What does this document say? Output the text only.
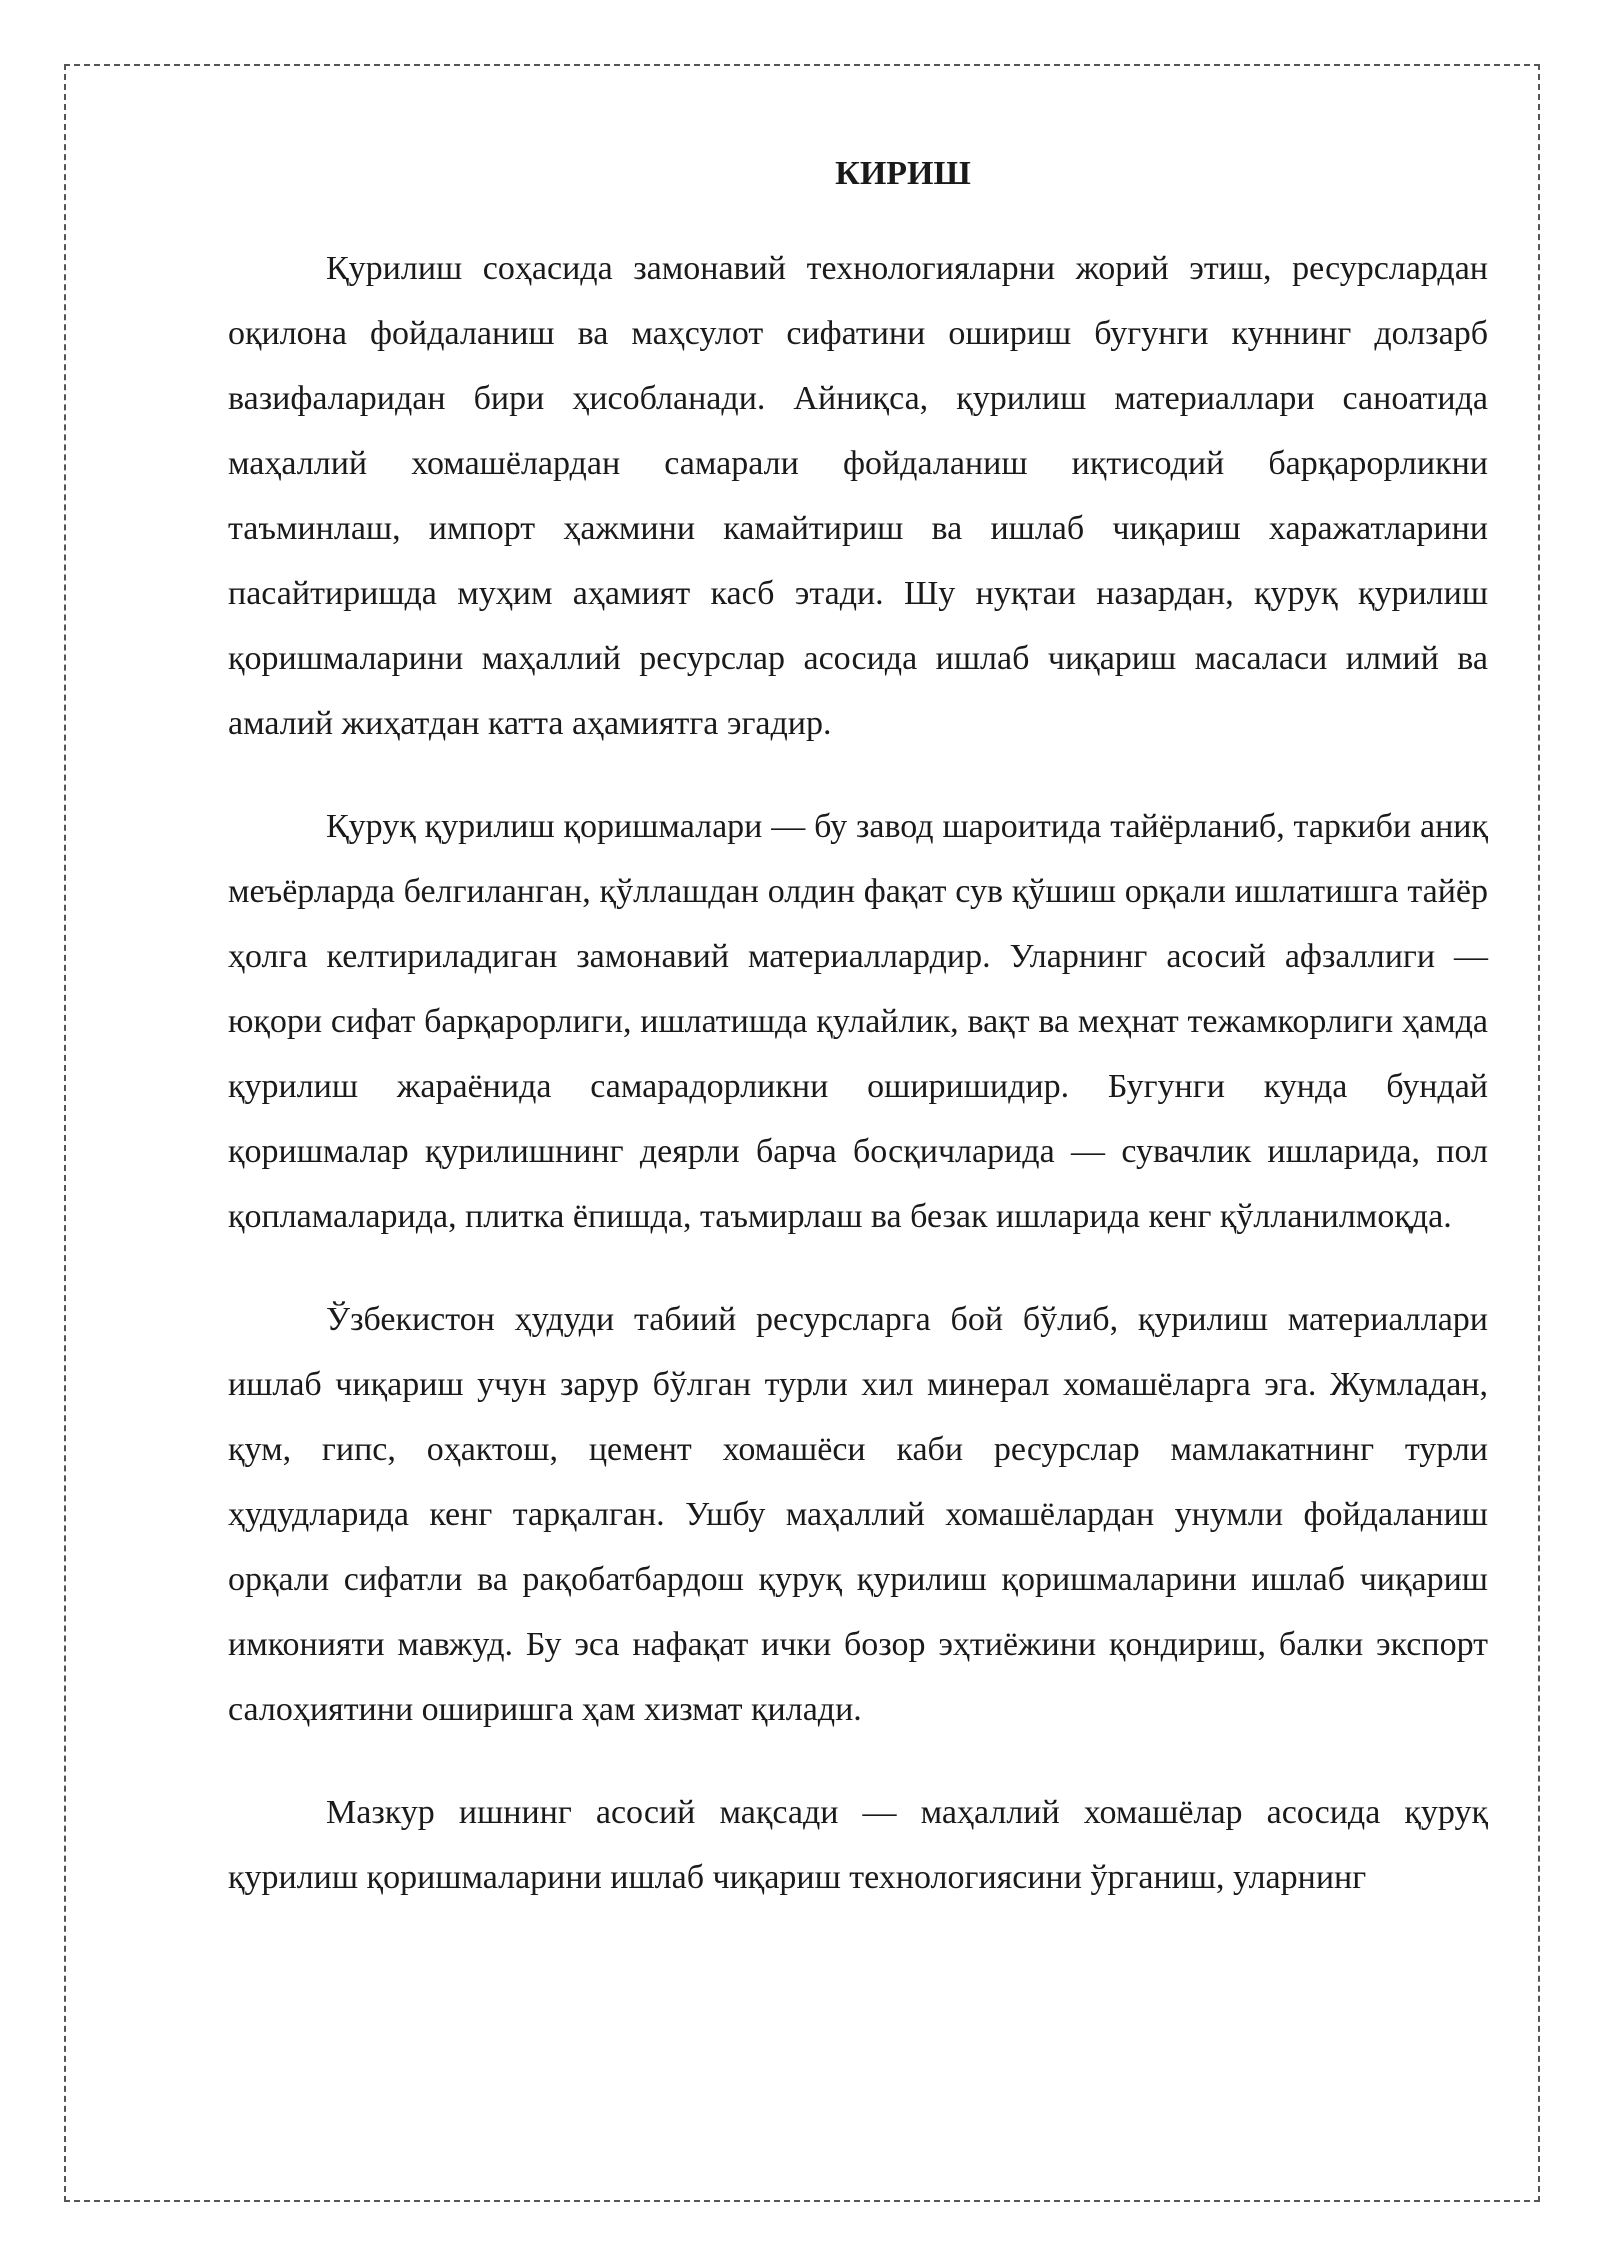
КИРИШ

Қурилиш соҳасида замонавий технологияларни жорий этиш, ресурслардан оқилона фойдаланиш ва маҳсулот сифатини ошириш бугунги куннинг долзарб вазифаларидан бири ҳисобланади. Айниқса, қурилиш материаллари саноатида маҳаллий хомашёлардан самарали фойдаланиш иқтисодий барқарорликни таъминлаш, импорт ҳажмини камайтириш ва ишлаб чиқариш харажатларини пасайтиришда муҳим аҳамият касб этади. Шу нуқтаи назардан, қуруқ қурилиш қоришмаларини маҳаллий ресурслар асосида ишлаб чиқариш масаласи илмий ва амалий жиҳатдан катта аҳамиятга эгадир.

Қуруқ қурилиш қоришмалари — бу завод шароитида тайёрланиб, таркиби аниқ меъёрларда белгиланган, қўллашдан олдин фақат сув қўшиш орқали ишлатишга тайёр ҳолга келтириладиган замонавий материаллардир. Уларнинг асосий афзаллиги — юқори сифат барқарорлиги, ишлатишда қулайлик, вақт ва меҳнат тежамкорлиги ҳамда қурилиш жараёнида самарадорликни оширишидир. Бугунги кунда бундай қоришмалар қурилишнинг деярли барча босқичларида — сувачлик ишларида, пол қопламаларида, плитка ёпишда, таъмирлаш ва безак ишларида кенг қўлланилмоқда.

Ўзбекистон ҳудуди табиий ресурсларга бой бўлиб, қурилиш материаллари ишлаб чиқариш учун зарур бўлган турли хил минерал хомашёларга эга. Жумладан, қум, гипс, оҳактош, цемент хомашёси каби ресурслар мамлакатнинг турли ҳудудларида кенг тарқалган. Ушбу маҳаллий хомашёлардан унумли фойдаланиш орқали сифатли ва рақобатбардош қуруқ қурилиш қоришмаларини ишлаб чиқариш имконияти мавжуд. Бу эса нафақат ички бозор эҳтиёжини қондириш, балки экспорт салоҳиятини оширишга ҳам хизмат қилади.

Мазкур ишнинг асосий мақсади — маҳаллий хомашёлар асосида қуруқ қурилиш қоришмаларини ишлаб чиқариш технологиясини ўрганиш, уларнинг
